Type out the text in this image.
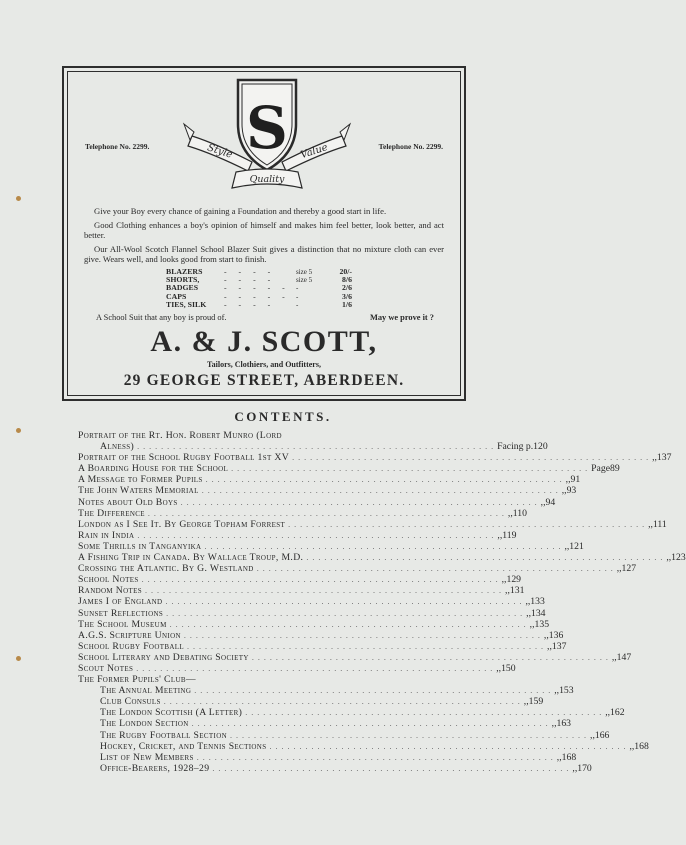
Telephone No. 2299.	Telephone No. 2299.
S
Style	Value
Quality

Give your Boy every chance of gaining a Foundation and thereby a good start in life.

Good Clothing enhances a boy's opinion of himself and makes him feel better, look better, and act better.

Our All-Wool Scotch Flannel School Blazer Suit gives a distinction that no mixture cloth can ever give. Wears well, and looks good from start to finish.

BLAZERS	- - - -	size 5	20/-
SHORTS,	- - - -	size 5	8/6
BADGES	- - - - -	-	2/6
CAPS	- - - - -	-	3/6
TIES, SILK	- - - -	-	1/6
A School Suit that any boy is proud of.	May we prove it ?
A. & J. SCOTT,
Tailors, Clothiers, and Outfitters,
29 GEORGE STREET, ABERDEEN.
CONTENTS.
Portrait of the Rt. Hon. Robert Munro (Lord
Alness) . . . . . . . . . . . . . . . . . . . . . . . . . . . . . . . . . . . . . . . . . . . . . . . . . . . . . . . . . . . . Facing p. 120
Portrait of the School Rugby Football 1st XV . . . . . . . . . . . . . . . . . . . . . . . . . . . . . . . . . . . . . . . . . . . . . . . . . . . . . . . . . . . . ,, 137
A Boarding House for the School . . . . . . . . . . . . . . . . . . . . . . . . . . . . . . . . . . . . . . . . . . . . . . . . . . . . . . . . . . . . Page 89
A Message to Former Pupils . . . . . . . . . . . . . . . . . . . . . . . . . . . . . . . . . . . . . . . . . . . . . . . . . . . . . . . . . . . . ,, 91
The John Waters Memorial . . . . . . . . . . . . . . . . . . . . . . . . . . . . . . . . . . . . . . . . . . . . . . . . . . . . . . . . . . . . ,, 93
Notes about Old Boys . . . . . . . . . . . . . . . . . . . . . . . . . . . . . . . . . . . . . . . . . . . . . . . . . . . . . . . . . . . . ,, 94
The Difference . . . . . . . . . . . . . . . . . . . . . . . . . . . . . . . . . . . . . . . . . . . . . . . . . . . . . . . . . . . . ,, 110
London as I See It. By George Topham Forrest . . . . . . . . . . . . . . . . . . . . . . . . . . . . . . . . . . . . . . . . . . . . . . . . . . . . . . . . . . . . ,, 111
Rain in India . . . . . . . . . . . . . . . . . . . . . . . . . . . . . . . . . . . . . . . . . . . . . . . . . . . . . . . . . . . . ,, 119
Some Thrills in Tanganyika . . . . . . . . . . . . . . . . . . . . . . . . . . . . . . . . . . . . . . . . . . . . . . . . . . . . . . . . . . . . ,, 121
A Fishing Trip in Canada. By Wallace Troup, M.D. . . . . . . . . . . . . . . . . . . . . . . . . . . . . . . . . . . . . . . . . . . . . . . . . . . . . . . . . . . . . ,, 123
Crossing the Atlantic. By G. Westland . . . . . . . . . . . . . . . . . . . . . . . . . . . . . . . . . . . . . . . . . . . . . . . . . . . . . . . . . . . . ,, 127
School Notes . . . . . . . . . . . . . . . . . . . . . . . . . . . . . . . . . . . . . . . . . . . . . . . . . . . . . . . . . . . . ,, 129
Random Notes . . . . . . . . . . . . . . . . . . . . . . . . . . . . . . . . . . . . . . . . . . . . . . . . . . . . . . . . . . . . ,, 131
James I of England . . . . . . . . . . . . . . . . . . . . . . . . . . . . . . . . . . . . . . . . . . . . . . . . . . . . . . . . . . . . ,, 133
Sunset Reflections . . . . . . . . . . . . . . . . . . . . . . . . . . . . . . . . . . . . . . . . . . . . . . . . . . . . . . . . . . . . ,, 134
The School Museum . . . . . . . . . . . . . . . . . . . . . . . . . . . . . . . . . . . . . . . . . . . . . . . . . . . . . . . . . . . . ,, 135
A.G.S. Scripture Union . . . . . . . . . . . . . . . . . . . . . . . . . . . . . . . . . . . . . . . . . . . . . . . . . . . . . . . . . . . . ,, 136
School Rugby Football . . . . . . . . . . . . . . . . . . . . . . . . . . . . . . . . . . . . . . . . . . . . . . . . . . . . . . . . . . . . ,, 137
School Literary and Debating Society . . . . . . . . . . . . . . . . . . . . . . . . . . . . . . . . . . . . . . . . . . . . . . . . . . . . . . . . . . . . ,, 147
Scout Notes . . . . . . . . . . . . . . . . . . . . . . . . . . . . . . . . . . . . . . . . . . . . . . . . . . . . . . . . . . . . ,, 150
The Former Pupils' Club—
The Annual Meeting . . . . . . . . . . . . . . . . . . . . . . . . . . . . . . . . . . . . . . . . . . . . . . . . . . . . . . . . . . . . ,, 153
Club Consuls . . . . . . . . . . . . . . . . . . . . . . . . . . . . . . . . . . . . . . . . . . . . . . . . . . . . . . . . . . . . ,, 159
The London Scottish (A Letter) . . . . . . . . . . . . . . . . . . . . . . . . . . . . . . . . . . . . . . . . . . . . . . . . . . . . . . . . . . . . ,, 162
The London Section . . . . . . . . . . . . . . . . . . . . . . . . . . . . . . . . . . . . . . . . . . . . . . . . . . . . . . . . . . . . ,, 163
The Rugby Football Section . . . . . . . . . . . . . . . . . . . . . . . . . . . . . . . . . . . . . . . . . . . . . . . . . . . . . . . . . . . . ,, 166
Hockey, Cricket, and Tennis Sections . . . . . . . . . . . . . . . . . . . . . . . . . . . . . . . . . . . . . . . . . . . . . . . . . . . . . . . . . . . . ,, 168
List of New Members . . . . . . . . . . . . . . . . . . . . . . . . . . . . . . . . . . . . . . . . . . . . . . . . . . . . . . . . . . . . ,, 168
Office-Bearers, 1928–29 . . . . . . . . . . . . . . . . . . . . . . . . . . . . . . . . . . . . . . . . . . . . . . . . . . . . . . . . . . . . ,, 170
